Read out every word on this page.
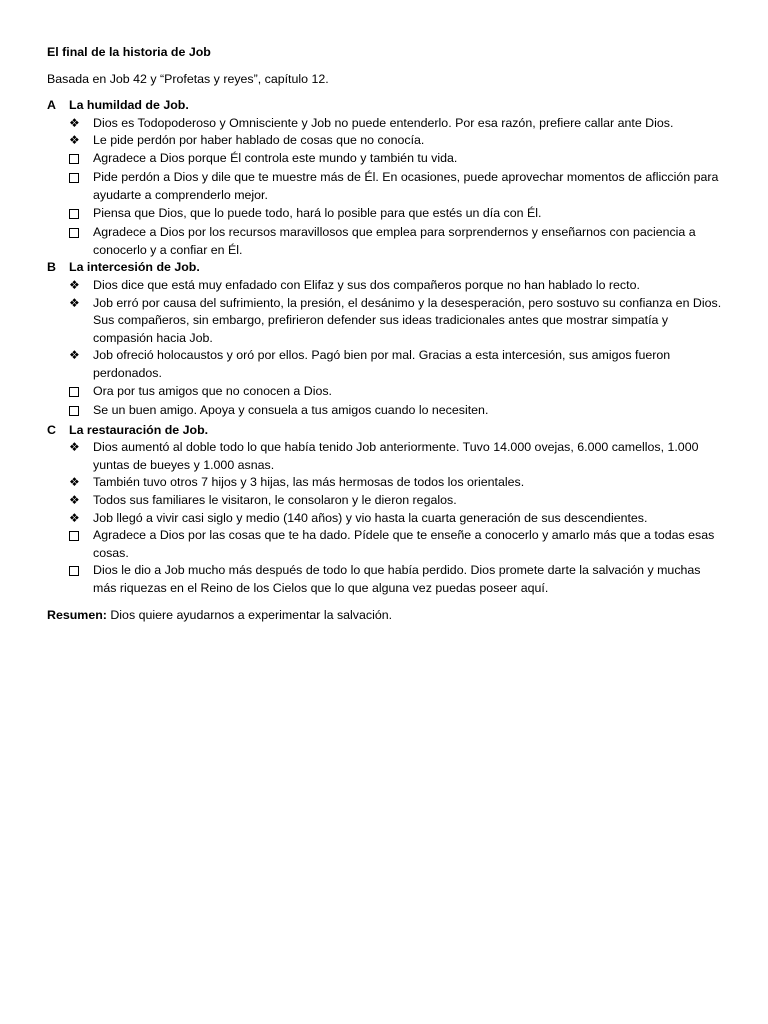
El final de la historia de Job
Basada en Job 42 y “Profetas y reyes”, capítulo 12.
A	La humildad de Job.
❖	Dios es Todopoderoso y Omnisciente y Job no puede entenderlo. Por esa razón, prefiere callar ante Dios.
❖	Le pide perdón por haber hablado de cosas que no conocía.
Agradece a Dios porque Él controla este mundo y también tu vida.
Pide perdón a Dios y dile que te muestre más de Él. En ocasiones, puede aprovechar momentos de aflicción para ayudarte a comprenderlo mejor.
Piensa que Dios, que lo puede todo, hará lo posible para que estés un día con Él.
Agradece a Dios por los recursos maravillosos que emplea para sorprendernos y enseñarnos con paciencia a conocerlo y a confiar en Él.
B	La intercesión de Job.
❖	Dios dice que está muy enfadado con Elifaz y sus dos compañeros porque no han hablado lo recto.
❖	Job erró por causa del sufrimiento, la presión, el desánimo y la desesperación, pero sostuvo su confianza en Dios. Sus compañeros, sin embargo, prefirieron defender sus ideas tradicionales antes que mostrar simpatía y compasión hacia Job.
❖	Job ofreció holocaustos y oró por ellos. Pagó bien por mal. Gracias a esta intercesión, sus amigos fueron perdonados.
Ora por tus amigos que no conocen a Dios.
Se un buen amigo. Apoya y consuela a tus amigos cuando lo necesiten.
C	La restauración de Job.
❖	Dios aumentó al doble todo lo que había tenido Job anteriormente. Tuvo 14.000 ovejas, 6.000 camellos, 1.000 yuntas de bueyes y 1.000 asnas.
❖	También tuvo otros 7 hijos y 3 hijas, las más hermosas de todos los orientales.
❖	Todos sus familiares le visitaron, le consolaron y le dieron regalos.
❖	Job llegó a vivir casi siglo y medio (140 años) y vio hasta la cuarta generación de sus descendientes.
Agradece a Dios por las cosas que te ha dado. Pídele que te enseñe a conocerlo y amarlo más que a todas esas cosas.
Dios le dio a Job mucho más después de todo lo que había perdido. Dios promete darte la salvación y muchas más riquezas en el Reino de los Cielos que lo que alguna vez puedas poseer aquí.
Resumen: Dios quiere ayudarnos a experimentar la salvación.
